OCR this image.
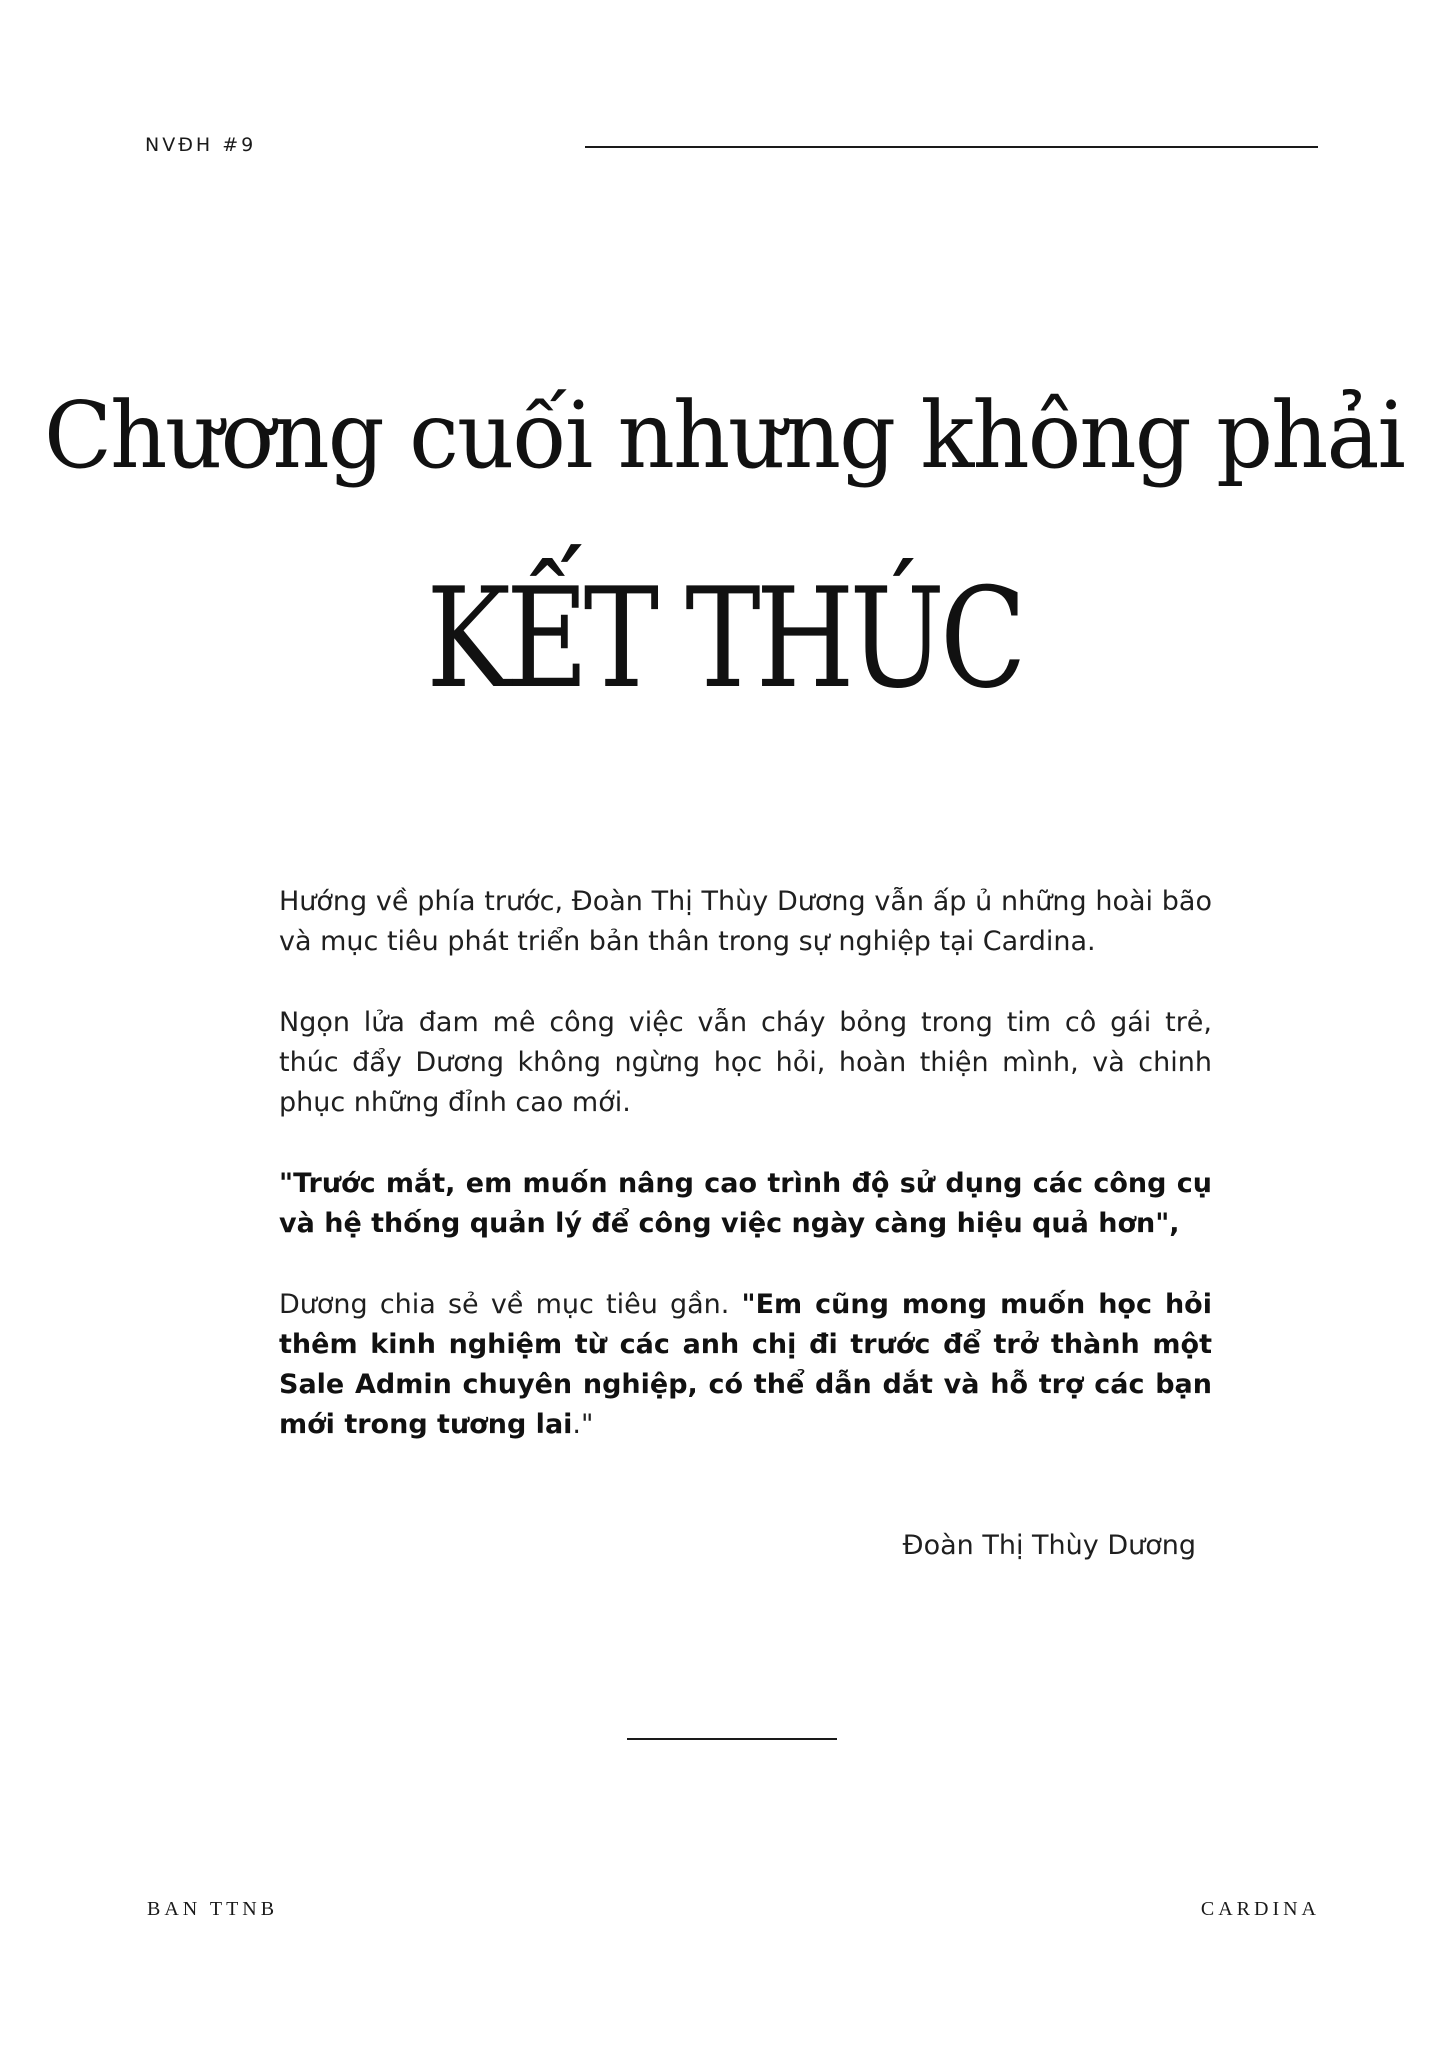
NVĐH #9
Chương cuối nhưng không phải
KẾT THÚC

Hướng về phía trước, Đoàn Thị Thùy Dương vẫn ấp ủ những hoài bão và mục tiêu phát triển bản thân trong sự nghiệp tại Cardina.

Ngọn lửa đam mê công việc vẫn cháy bỏng trong tim cô gái trẻ, thúc đẩy Dương không ngừng học hỏi, hoàn thiện mình, và chinh phục những đỉnh cao mới.

"Trước mắt, em muốn nâng cao trình độ sử dụng các công cụ và hệ thống quản lý để công việc ngày càng hiệu quả hơn",

Dương chia sẻ về mục tiêu gần. "Em cũng mong muốn học hỏi thêm kinh nghiệm từ các anh chị đi trước để trở thành một Sale Admin chuyên nghiệp, có thể dẫn dắt và hỗ trợ các bạn mới trong tương lai."

Đoàn Thị Thùy Dương
BAN TTNB	CARDINA
